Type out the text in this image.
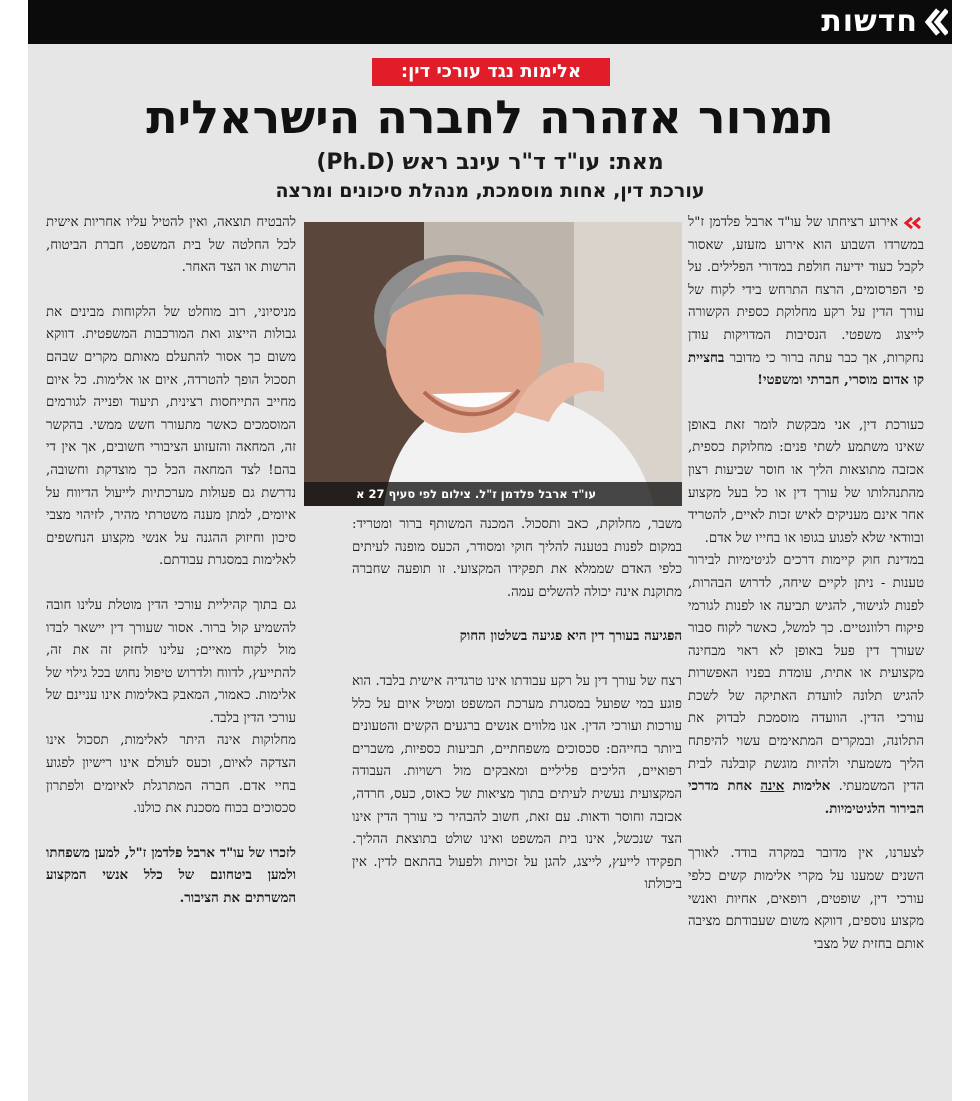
חדשות
אלימות נגד עורכי דין:
תמרור אזהרה לחברה הישראלית
מאת: עו"ד ד"ר עינב ראש (Ph.D)
עורכת דין, אחות מוסמכת, מנהלת סיכונים ומרצה

אירוע רציחתו של עו"ד ארבל פלדמן ז"ל במשרדו השבוע הוא אירוע מזעזע, שאסור לקבל כעוד ידיעה חולפת במדורי הפלילים. על פי הפרסומים, הרצח התרחש בידי לקוח של עורך הדין על רקע מחלוקת כספית הקשורה לייצוג משפטי. הנסיבות המדויקות עודן נחקרות, אך כבר עתה ברור כי מדובר בחציית קו אדום מוסרי, חברתי ומשפטי!

כעורכת דין, אני מבקשת לומר זאת באופן שאינו משתמע לשתי פנים: מחלוקת כספית, אכזבה מתוצאות הליך או חוסר שביעות רצון מהתנהלותו של עורך דין או כל בעל מקצוע אחר אינם מעניקים לאיש זכות לאיים, להטריד ובוודאי שלא לפגוע בגופו או בחייו של אדם.

במדינת חוק קיימות דרכים לגיטימיות לבירור טענות - ניתן לקיים שיחה, לדרוש הבהרות, לפנות לגישור, להגיש תביעה או לפנות לגורמי פיקוח רלוונטיים. כך למשל, כאשר לקוח סבור שעורך דין פעל באופן לא ראוי מבחינה מקצועית או אתית, עומדת בפניו האפשרות להגיש תלונה לוועדת האתיקה של לשכת עורכי הדין. הוועדה מוסמכת לבדוק את התלונה, ובמקרים המתאימים עשוי להיפתח הליך משמעתי ולהיות מוגשת קובלנה לבית הדין המשמעתי. אלימות אינה אחת מדרכי הבירור הלגיטימיות.

לצערנו, אין מדובר במקרה בודד. לאורך השנים שמענו על מקרי אלימות קשים כלפי עורכי דין, שופטים, רופאים, אחיות ואנשי מקצוע נוספים, דווקא משום שעבודתם מציבה אותם בחזית של מצבי

עו"ד ארבל פלדמן ז"ל. צילום לפי סעיף 27 א

משבר, מחלוקת, כאב ותסכול. המכנה המשותף ברור ומטריד: במקום לפנות בטענה להליך חוקי ומסודר, הכעס מופנה לעיתים כלפי האדם שממלא את תפקידו המקצועי. זו תופעה שחברה מתוקנת אינה יכולה להשלים עמה.

הפגיעה בעורך דין היא פגיעה בשלטון החוק

רצח של עורך דין על רקע עבודתו אינו טרגדיה אישית בלבד. הוא פוגע במי שפועל במסגרת מערכת המשפט ומטיל איום על כלל עורכות ועורכי הדין. אנו מלווים אנשים ברגעים הקשים והטעונים ביותר בחייהם: סכסוכים משפחתיים, תביעות כספיות, משברים רפואיים, הליכים פליליים ומאבקים מול רשויות. העבודה המקצועית נעשית לעיתים בתוך מציאות של כאוס, כעס, חרדה, אכזבה וחוסר ודאות. עם זאת, חשוב להבהיר כי עורך הדין אינו הצד שנכשל, אינו בית המשפט ואינו שולט בתוצאת ההליך. תפקידו לייעץ, לייצג, להגן על זכויות ולפעול בהתאם לדין. אין ביכולתו

להבטיח תוצאה, ואין להטיל עליו אחריות אישית לכל החלטה של בית המשפט, חברת הביטוח, הרשות או הצד האחר.

מניסיוני, רוב מוחלט של הלקוחות מבינים את גבולות הייצוג ואת המורכבות המשפטית. דווקא משום כך אסור להתעלם מאותם מקרים שבהם תסכול הופך להטרדה, איום או אלימות. כל איום מחייב התייחסות רצינית, תיעוד ופנייה לגורמים המוסמכים כאשר מתעורר חשש ממשי. בהקשר זה, המחאה והזעזוע הציבורי חשובים, אך אין די בהם! לצד המחאה הכל כך מוצדקת וחשובה, נדרשת גם פעולות מערכתיות לייעול הדיווח על איומים, למתן מענה משטרתי מהיר, לזיהוי מצבי סיכון וחיזוק ההגנה על אנשי מקצוע הנחשפים לאלימות במסגרת עבודתם.

גם בתוך קהיליית עורכי הדין מוטלת עלינו חובה להשמיע קול ברור. אסור שעורך דין יישאר לבדו מול לקוח מאיים; עלינו לחזק זה את זה, להתייעץ, לדווח ולדרוש טיפול נחוש בכל גילוי של אלימות. כאמור, המאבק באלימות אינו עניינם של עורכי הדין בלבד.

מחלוקות אינה היתר לאלימות, תסכול אינו הצדקה לאיום, וכעס לעולם אינו רישיון לפגוע בחיי אדם. חברה המתרגלת לאיומים ולפתרון סכסוכים בכוח מסכנת את כולנו.

לזכרו של עו"ד ארבל פלדמן ז"ל, למען משפחתו ולמען ביטחונם של כלל אנשי המקצוע המשרתים את הציבור.
